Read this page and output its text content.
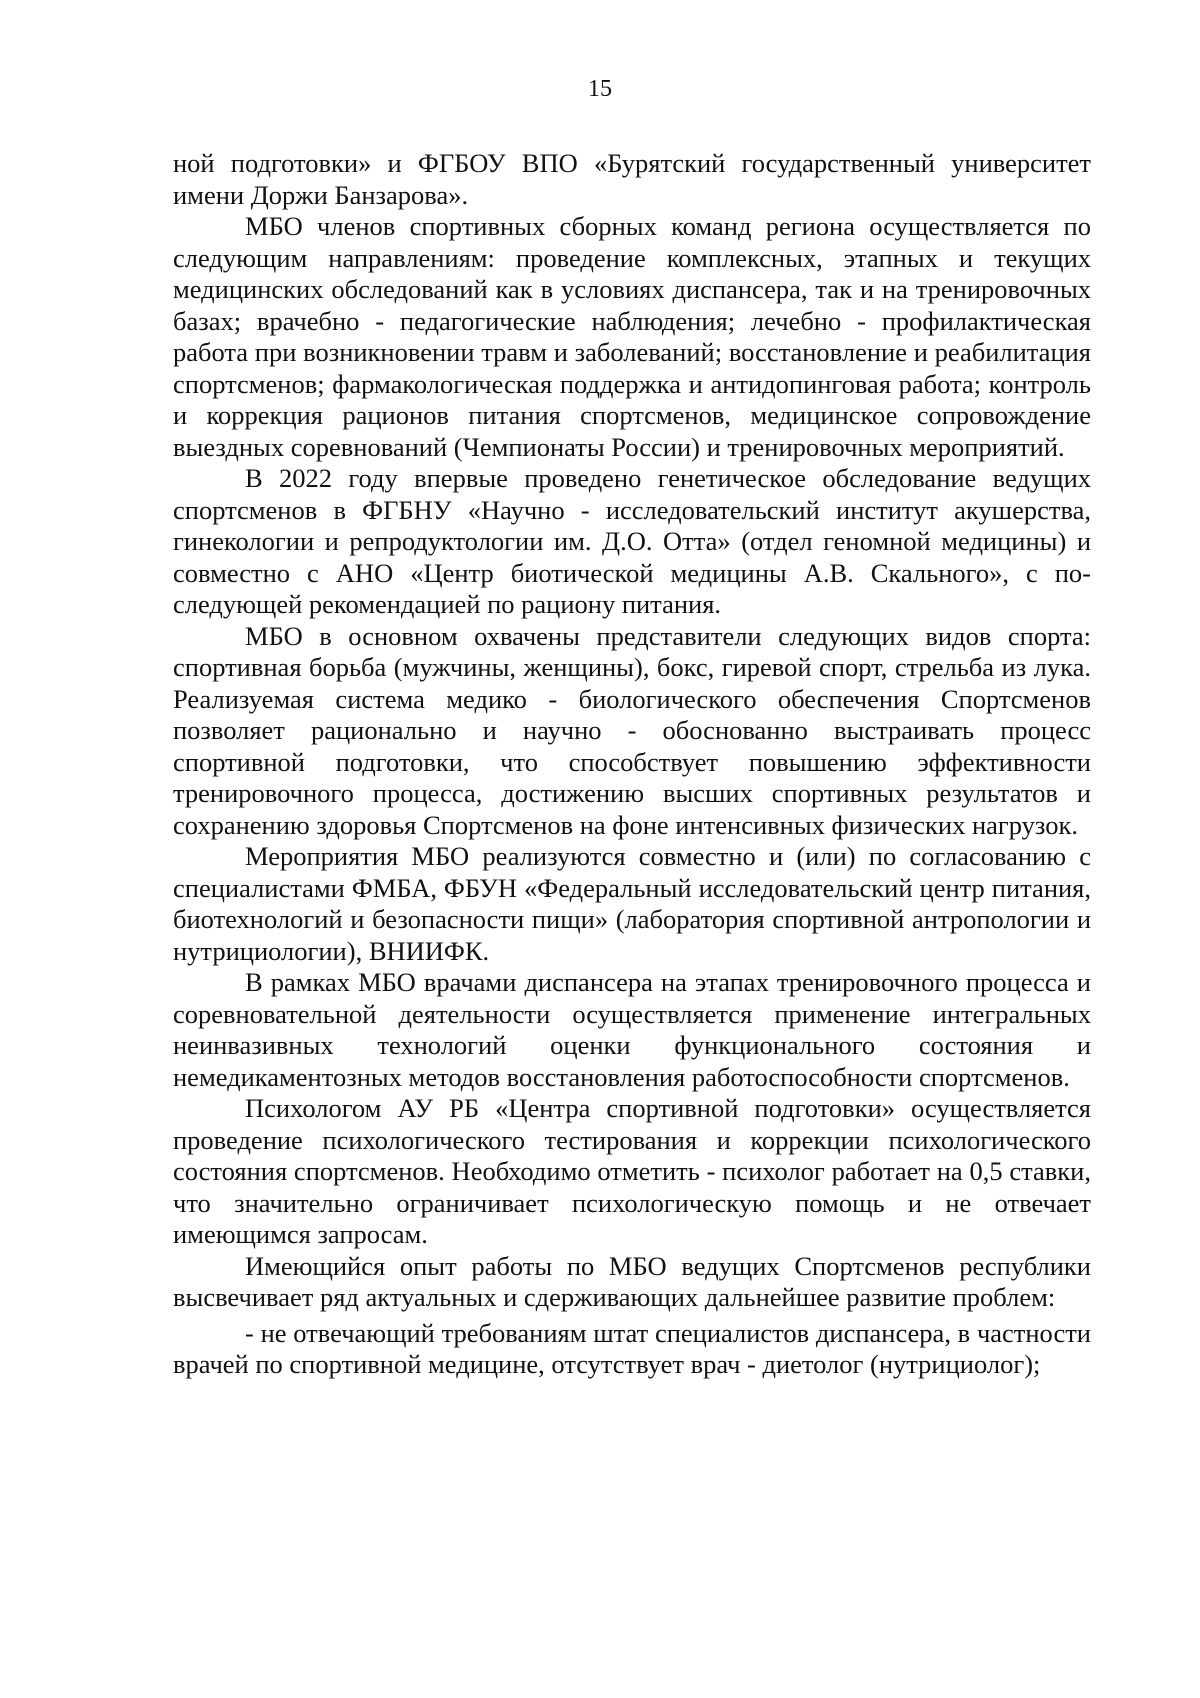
15

ной подготовки» и ФГБОУ ВПО «Бурятский государственный университет имени Доржи Банзарова».

МБО членов спортивных сборных команд региона осуществляется по следующим направлениям: проведение комплексных, этапных и текущих медицинских обследований как в условиях диспансера, так и на тренировочных базах; врачебно - педагогические наблюдения; лечебно - профилактическая работа при возникновении травм и заболеваний; восстановление и реабилитация спортсменов; фармакологическая поддержка и антидопинговая работа; контроль и коррекция рационов питания спортсменов, медицинское сопровождение выездных соревнований (Чемпионаты России) и тренировочных мероприятий.

В 2022 году впервые проведено генетическое обследование ведущих спортсменов в ФГБНУ «Научно - исследовательский институт акушерства, гинекологии и репродуктологии им. Д.О. Отта» (отдел геномной медицины) и совместно с АНО «Центр биотической медицины А.В. Скального», с последующей рекомендацией по рациону питания.

МБО в основном охвачены представители следующих видов спорта: спортивная борьба (мужчины, женщины), бокс, гиревой спорт, стрельба из лука. Реализуемая система медико - биологического обеспечения Спортсменов позволяет рационально и научно - обоснованно выстраивать процесс спортивной подготовки, что способствует повышению эффективности тренировочного процесса, достижению высших спортивных результатов и сохранению здоровья Спортсменов на фоне интенсивных физических нагрузок.

Мероприятия МБО реализуются совместно и (или) по согласованию с специалистами ФМБА, ФБУН «Федеральный исследовательский центр питания, биотехнологий и безопасности пищи» (лаборатория спортивной антропологии и нутрициологии), ВНИИФК.

В рамках МБО врачами диспансера на этапах тренировочного процесса и соревновательной деятельности осуществляется применение интегральных неинвазивных технологий оценки функционального состояния и немедикаментозных методов восстановления работоспособности спортсменов.

Психологом АУ РБ «Центра спортивной подготовки» осуществляется проведение психологического тестирования и коррекции психологического состояния спортсменов. Необходимо отметить - психолог работает на 0,5 ставки, что значительно ограничивает психологическую помощь и не отвечает имеющимся запросам.

Имеющийся опыт работы по МБО ведущих Спортсменов республики высвечивает ряд актуальных и сдерживающих дальнейшее развитие проблем:

- не отвечающий требованиям штат специалистов диспансера, в частности врачей по спортивной медицине, отсутствует врач - диетолог (нутрициолог);
